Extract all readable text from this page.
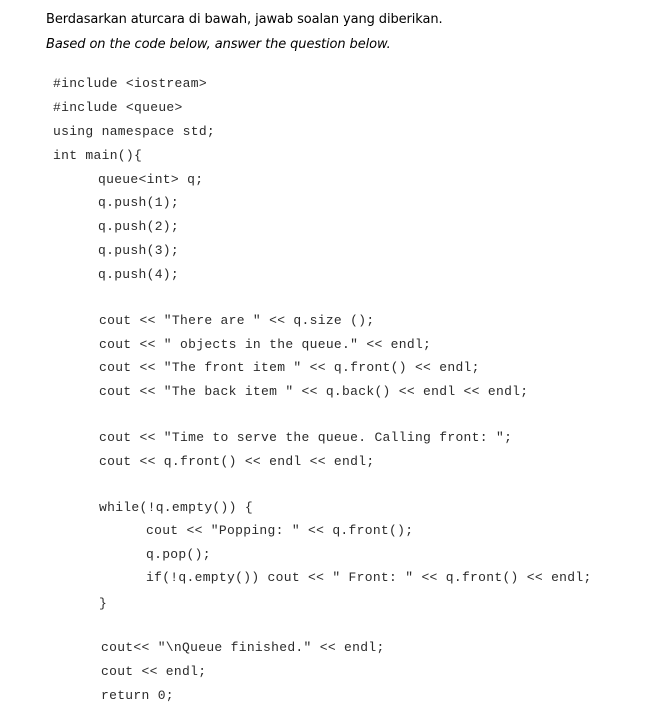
Berdasarkan aturcara di bawah, jawab soalan yang diberikan.
Based on the code below, answer the question below.
#include <iostream>
#include <queue>
using namespace std;
int main(){
queue<int> q;
q.push(1);
q.push(2);
q.push(3);
q.push(4);
cout << "There are " << q.size ();
cout << " objects in the queue." << endl;
cout << "The front item " << q.front() << endl;
cout << "The back item " << q.back() << endl << endl;
cout << "Time to serve the queue. Calling front: ";
cout << q.front() << endl << endl;
while(!q.empty()) {
cout << "Popping: " << q.front();
q.pop();
if(!q.empty()) cout << " Front: " << q.front() << endl;
}
cout<< "\nQueue finished." << endl;
cout << endl;
return 0;
